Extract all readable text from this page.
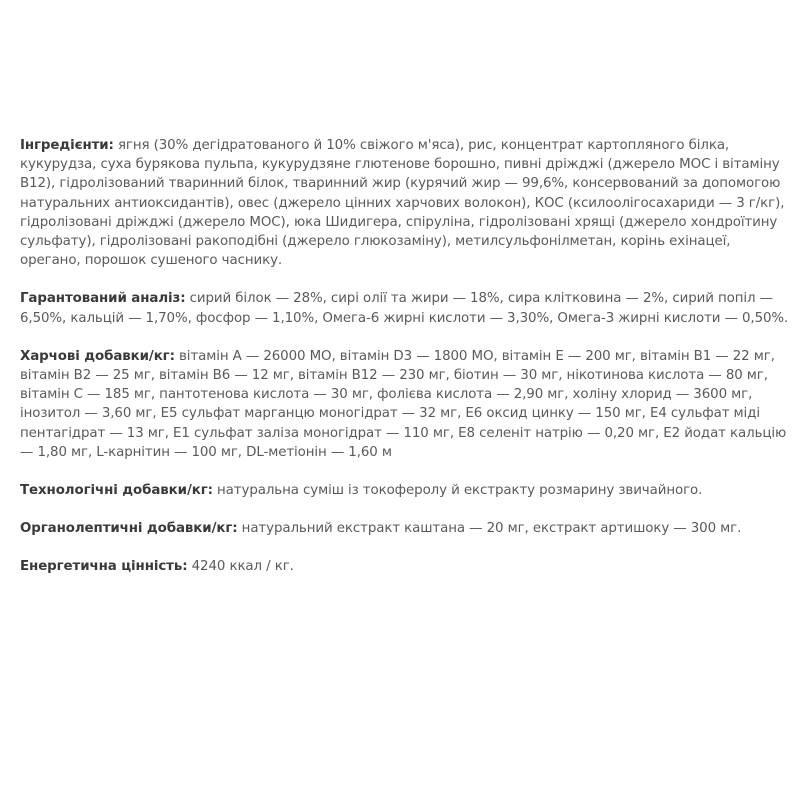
Інгредієнти: ягня (30% дегідратованого й 10% свіжого м'яса), рис, концентрат картопляного білка, кукурудза, суха бурякова пульпа, кукурудзяне глютенове борошно, пивні дріжджі (джерело МОС і вітаміну B12), гідролізований тваринний білок, тваринний жир (курячий жир — 99,6%, консервований за допомогою натуральних антиоксидантів), овес (джерело цінних харчових волокон), КОС (ксилоолігосахариди — 3 г/кг), гідролізовані дріжджі (джерело МОС), юка Шидигера, спіруліна, гідролізовані хрящі (джерело хондроїтину сульфату), гідролізовані ракоподібні (джерело глюкозаміну), метилсульфонілметан, корінь ехінацеї, орегано, порошок сушеного часнику.

Гарантований аналіз: сирий білок — 28%, сирі олії та жири — 18%, сира клітковина — 2%, сирий попіл — 6,50%, кальцій — 1,70%, фосфор — 1,10%, Омега-6 жирні кислоти — 3,30%, Омега-3 жирні кислоти — 0,50%.

Харчові добавки/кг: вітамін A — 26000 МО, вітамін D3 — 1800 МО, вітамін E — 200 мг, вітамін B1 — 22 мг, вітамін B2 — 25 мг, вітамін B6 — 12 мг, вітамін B12 — 230 мг, біотин — 30 мг, нікотинова кислота — 80 мг, вітамін C — 185 мг, пантотенова кислота — 30 мг, фолієва кислота — 2,90 мг, холіну хлорид — 3600 мг, інозитол — 3,60 мг, E5 сульфат марганцю моногідрат — 32 мг, E6 оксид цинку — 150 мг, E4 сульфат міді пентагідрат — 13 мг, E1 сульфат заліза моногідрат — 110 мг, E8 селеніт натрію — 0,20 мг, E2 йодат кальцію — 1,80 мг, L-карнітин — 100 мг, DL-метіонін — 1,60 м

Технологічні добавки/кг: натуральна суміш із токоферолу й екстракту розмарину звичайного.

Органолептичні добавки/кг: натуральний екстракт каштана — 20 мг, екстракт артишоку — 300 мг.

Енергетична цінність: 4240 ккал / кг.
